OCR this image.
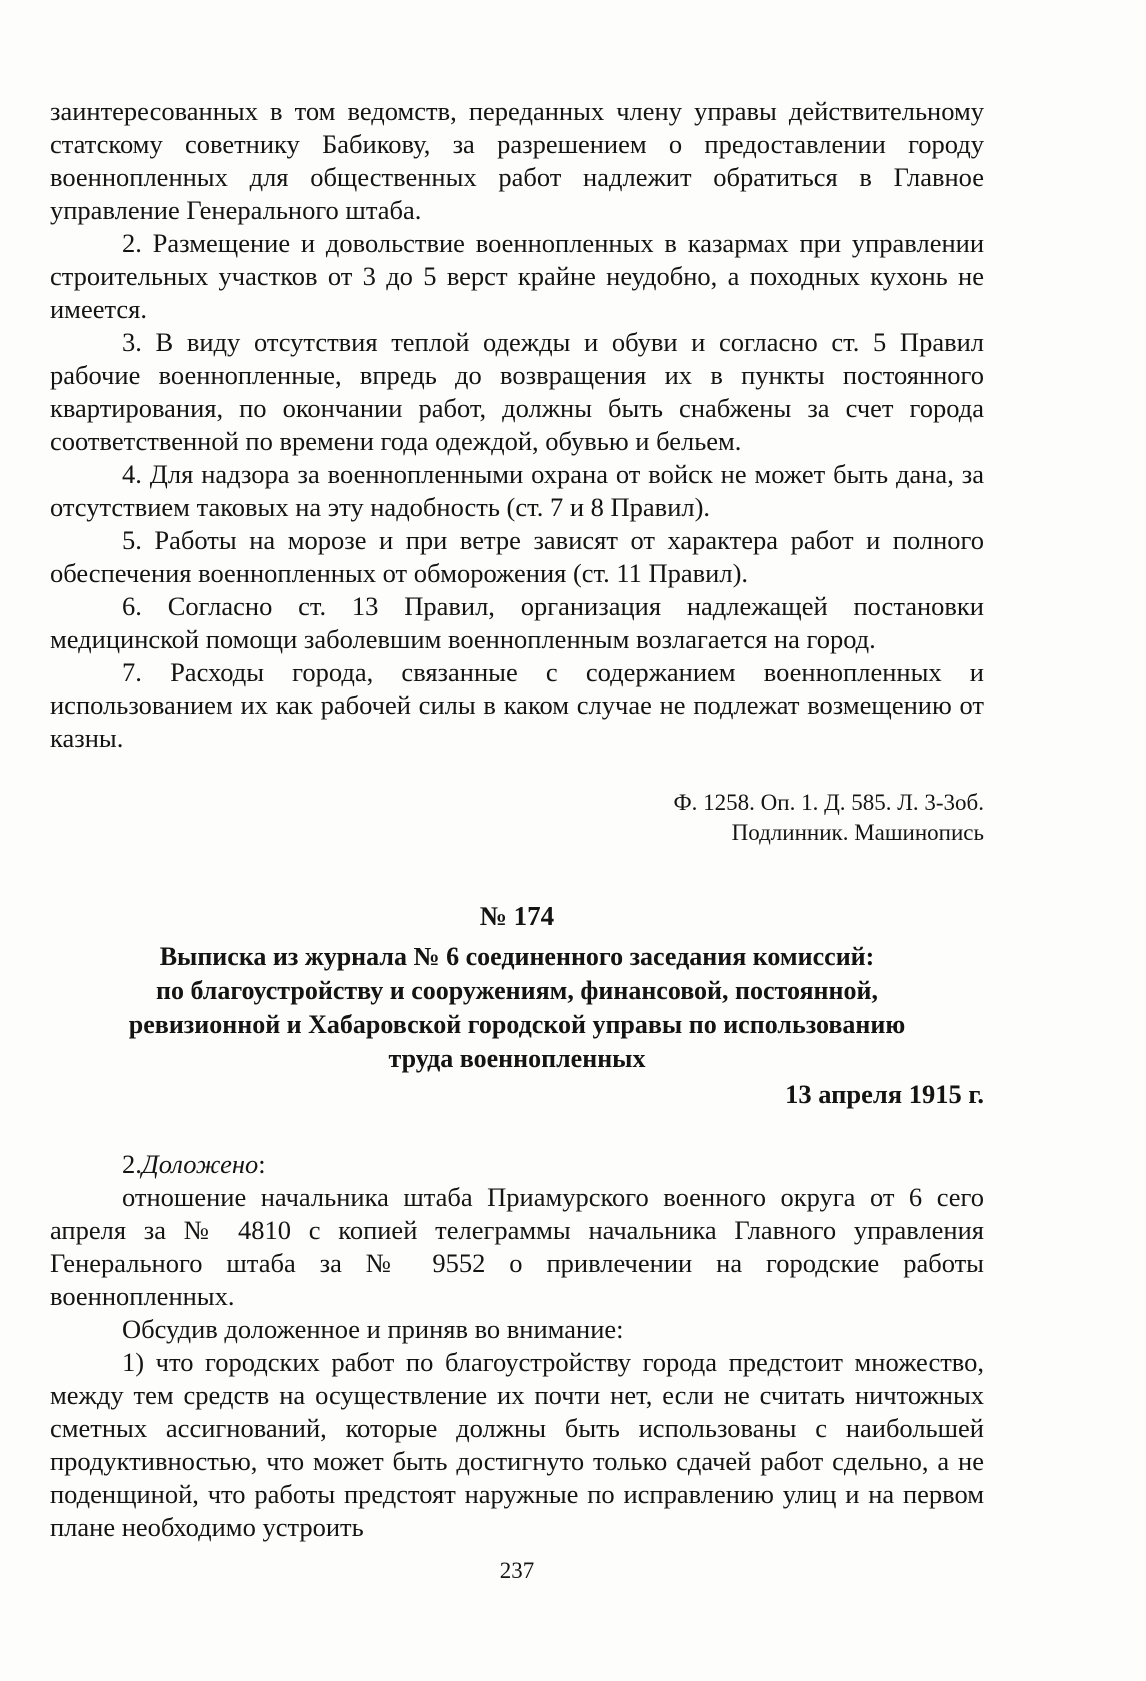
заинтересованных в том ведомств, переданных члену управы действительному статскому советнику Бабикову, за разрешением о предоставлении городу военнопленных для общественных работ надлежит обратиться в Главное управление Генерального штаба.

2. Размещение и довольствие военнопленных в казармах при управлении строительных участков от 3 до 5 верст крайне неудобно, а походных кухонь не имеется.

3. В виду отсутствия теплой одежды и обуви и согласно ст. 5 Правил рабочие военнопленные, впредь до возвращения их в пункты постоянного квартирования, по окончании работ, должны быть снабжены за счет города соответственной по времени года одеждой, обувью и бельем.

4. Для надзора за военнопленными охрана от войск не может быть дана, за отсутствием таковых на эту надобность (ст. 7 и 8 Правил).

5. Работы на морозе и при ветре зависят от характера работ и полного обеспечения военнопленных от обморожения (ст. 11 Правил).

6. Согласно ст. 13 Правил, организация надлежащей постановки медицинской помощи заболевшим военнопленным возлагается на город.

7. Расходы города, связанные с содержанием военнопленных и использованием их как рабочей силы в каком случае не подлежат возмещению от казны.

Ф. 1258. Оп. 1. Д. 585. Л. 3-3об.
Подлинник. Машинопись
№ 174
Выписка из журнала № 6 соединенного заседания комиссий:
по благоустройству и сооружениям, финансовой, постоянной,
ревизионной и Хабаровской городской управы по использованию
труда военнопленных
13 апреля 1915 г.

2.Доложено:

отношение начальника штаба Приамурского военного округа от 6 сего апреля за № 4810 с копией телеграммы начальника Главного управления Генерального штаба за № 9552 о привлечении на городские работы военнопленных.

Обсудив доложенное и приняв во внимание:

1) что городских работ по благоустройству города предстоит множество, между тем средств на осуществление их почти нет, если не считать ничтожных сметных ассигнований, которые должны быть использованы с наибольшей продуктивностью, что может быть достигнуто только сдачей работ сдельно, а не поденщиной, что работы предстоят наружные по исправлению улиц и на первом плане необходимо устроить

237
